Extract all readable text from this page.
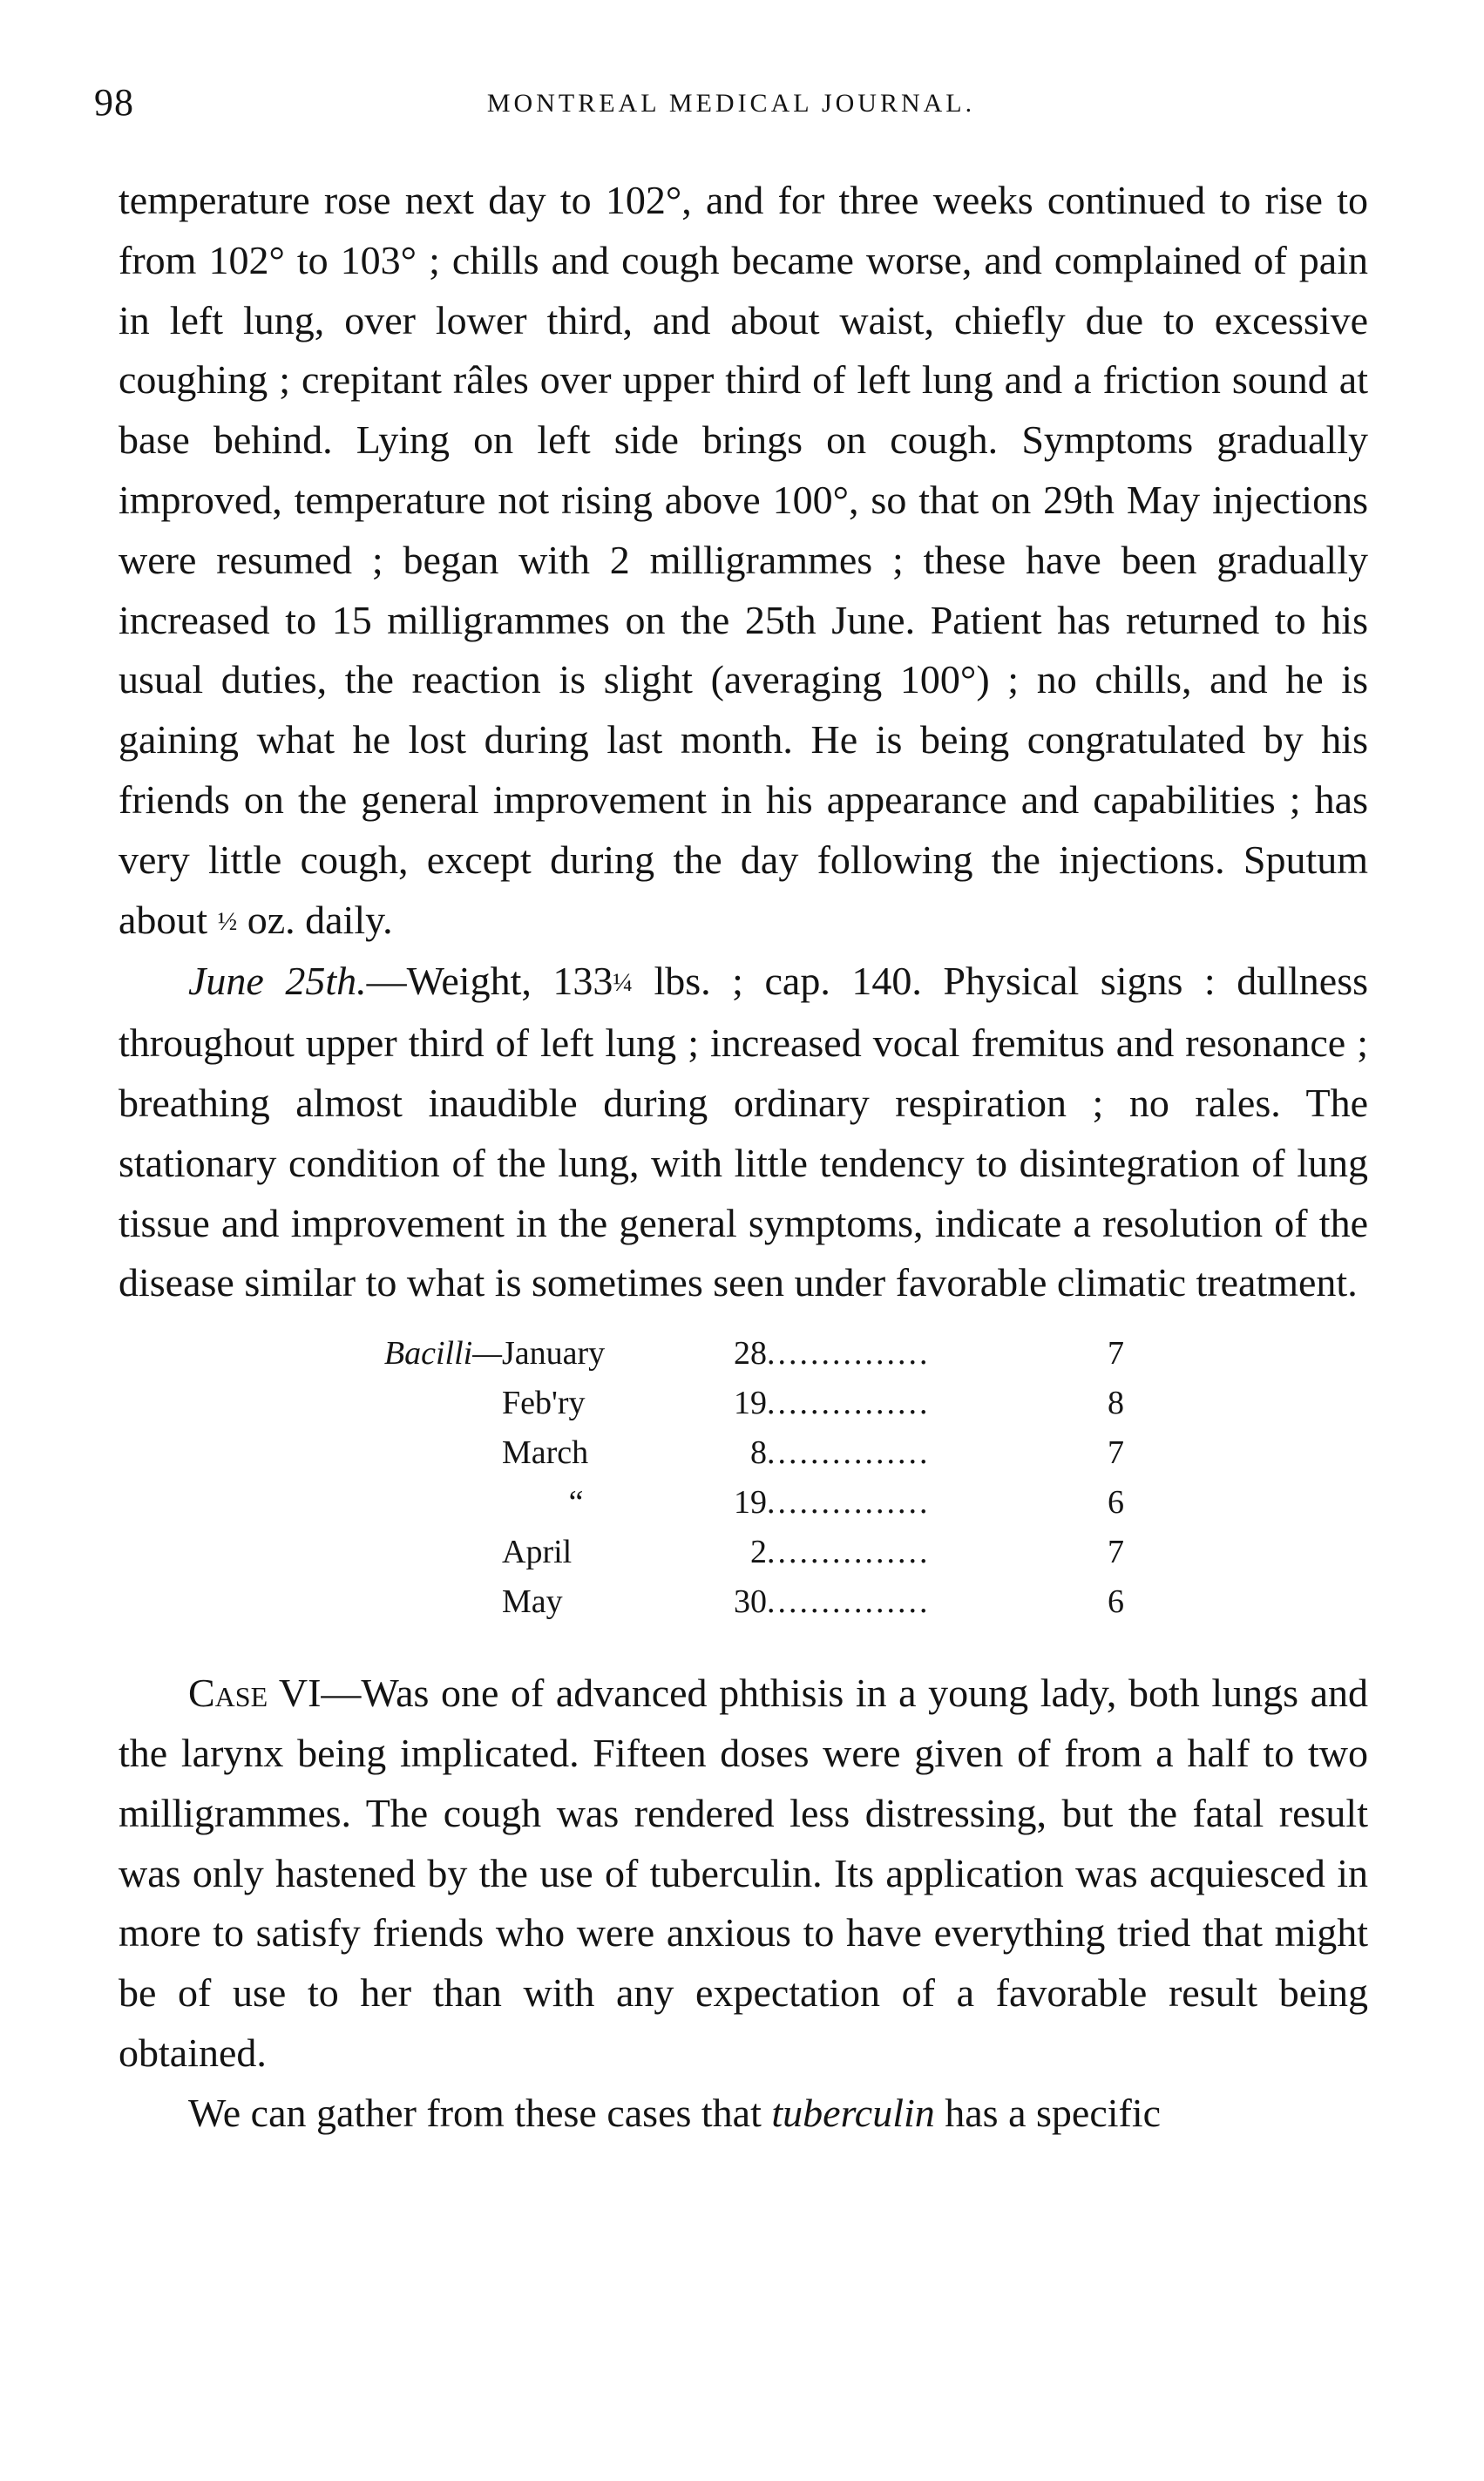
98	MONTREAL MEDICAL JOURNAL.

temperature rose next day to 102°, and for three weeks continued to rise to from 102° to 103° ; chills and cough became worse, and complained of pain in left lung, over lower third, and about waist, chiefly due to excessive coughing ; crepitant râles over upper third of left lung and a friction sound at base behind. Lying on left side brings on cough. Symptoms gradually improved, temperature not rising above 100°, so that on 29th May injections were resumed ; began with 2 milligrammes ; these have been gradually increased to 15 milligrammes on the 25th June. Patient has returned to his usual duties, the reaction is slight (averaging 100°) ; no chills, and he is gaining what he lost during last month. He is being congratulated by his friends on the general improvement in his appearance and capabilities ; has very little cough, except during the day following the injections. Sputum about ½ oz. daily.

June 25th.—Weight, 133¼ lbs. ; cap. 140. Physical signs : dullness throughout upper third of left lung ; increased vocal fremitus and resonance ; breathing almost inaudible during ordinary respiration ; no rales. The stationary condition of the lung, with little tendency to disintegration of lung tissue and improvement in the general symptoms, indicate a resolution of the disease similar to what is sometimes seen under favorable climatic treatment.

Bacilli—	January	28	...............	7
	Feb'ry	19	...............	8
	March	8	...............	7
	“	19	...............	6
	April	2	...............	7
	May	30	...............	6

Case VI—Was one of advanced phthisis in a young lady, both lungs and the larynx being implicated. Fifteen doses were given of from a half to two milligrammes. The cough was rendered less distressing, but the fatal result was only hastened by the use of tuberculin. Its application was acquiesced in more to satisfy friends who were anxious to have everything tried that might be of use to her than with any expectation of a favorable result being obtained.

We can gather from these cases that tuberculin has a specific
